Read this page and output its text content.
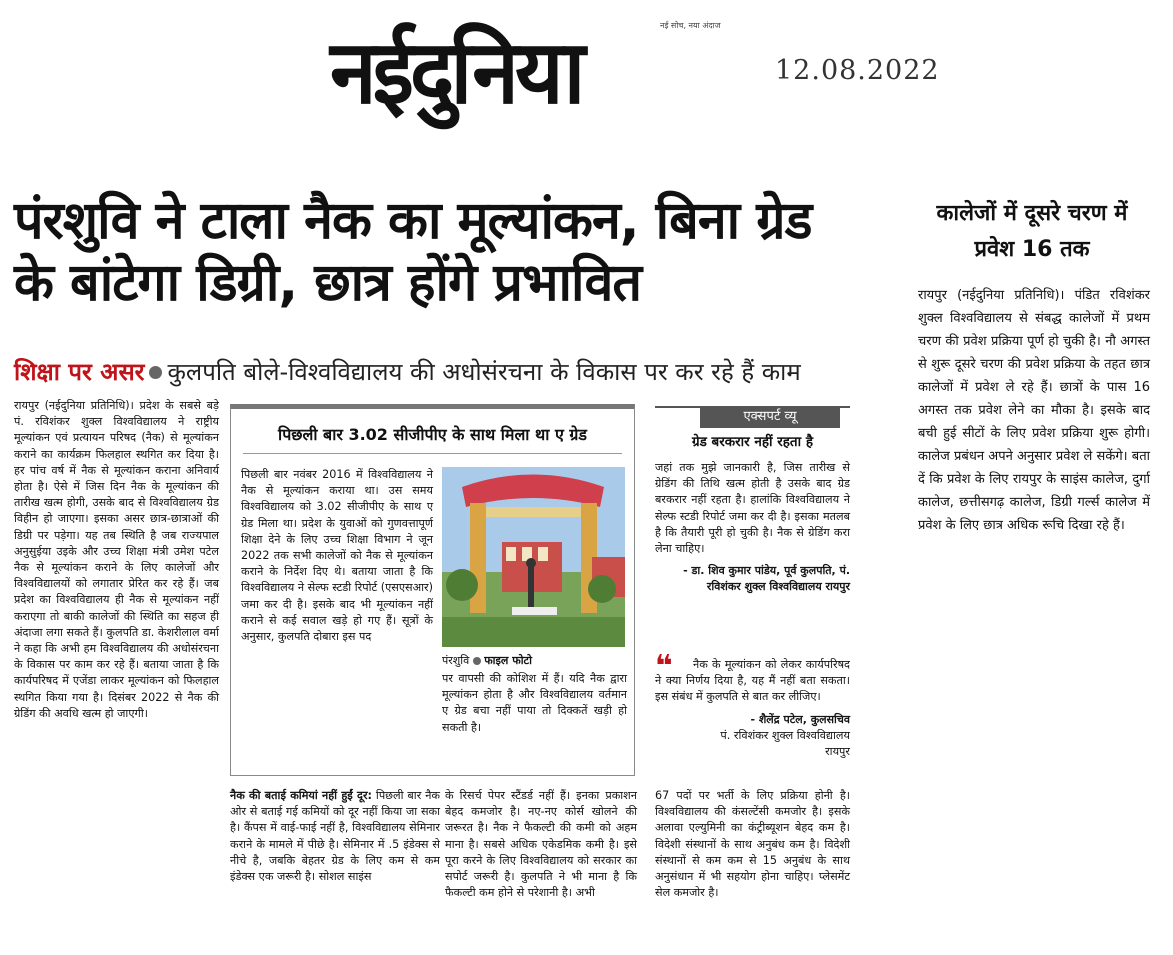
नईदुनिया	नई सोच, नया अंदाज
12.08.2022
पंरशुवि ने टाला नैक का मूल्यांकन, बिना ग्रेड के बांटेगा डिग्री, छात्र होंगे प्रभावित
शिक्षा पर असर कुलपति बोले-विश्वविद्यालय की अधोसंरचना के विकास पर कर रहे हैं काम
रायपुर (नईदुनिया प्रतिनिधि)। प्रदेश के सबसे बड़े पं. रविशंकर शुक्ल विश्वविद्यालय ने राष्ट्रीय मूल्यांकन एवं प्रत्यायन परिषद (नैक) से मूल्यांकन कराने का कार्यक्रम फिलहाल स्थगित कर दिया है। हर पांच वर्ष में नैक से मूल्यांकन कराना अनिवार्य होता है। ऐसे में जिस दिन नैक के मूल्यांकन की तारीख खत्म होगी, उसके बाद से विश्वविद्यालय ग्रेड विहीन हो जाएगा। इसका असर छात्र-छात्राओं की डिग्री पर पड़ेगा। यह तब स्थिति है जब राज्यपाल अनुसुईया उइके और उच्च शिक्षा मंत्री उमेश पटेल नैक से मूल्यांकन कराने के लिए कालेजों और विश्वविद्यालयों को लगातार प्रेरित कर रहे हैं। जब प्रदेश का विश्वविद्यालय ही नैक से मूल्यांकन नहीं कराएगा तो बाकी कालेजों की स्थिति का सहज ही अंदाजा लगा सकते हैं। कुलपति डा. केशरीलाल वर्मा ने कहा कि अभी हम विश्वविद्यालय की अधोसंरचना के विकास पर काम कर रहे हैं। बताया जाता है कि कार्यपरिषद में एजेंडा लाकर मूल्यांकन को फिलहाल स्थगित किया गया है। दिसंबर 2022 से नैक की ग्रेडिंग की अवधि खत्म हो जाएगी।
पिछली बार 3.02 सीजीपीए के साथ मिला था ए ग्रेड
पिछली बार नवंबर 2016 में विश्वविद्यालय ने नैक से मूल्यांकन कराया था। उस समय विश्वविद्यालय को 3.02 सीजीपीए के साथ ए ग्रेड मिला था। प्रदेश के युवाओं को गुणवत्तापूर्ण शिक्षा देने के लिए उच्च शिक्षा विभाग ने जून 2022 तक सभी कालेजों को नैक से मूल्यांकन कराने के निर्देश दिए थे। बताया जाता है कि विश्वविद्यालय ने सेल्फ स्टडी रिपोर्ट (एसएसआर) जमा कर दी है। इसके बाद भी मूल्यांकन नहीं कराने से कई सवाल खड़े हो गए हैं। सूत्रों के अनुसार, कुलपति दोबारा इस पद
पंरशुवि फाइल फोटो
पर वापसी की कोशिश में हैं। यदि नैक द्वारा मूल्यांकन होता है और विश्वविद्यालय वर्तमान ए ग्रेड बचा नहीं पाया तो दिक्कतें खड़ी हो सकती है।
नैक की बताई कमियां नहीं हुईं दूर: पिछली बार नैक ओर से बताई गई कमियों को दूर नहीं किया जा सका है। कैंपस में वाई-फाई नहीं है, विश्वविद्यालय सेमिनार कराने के मामले में पीछे है। सेमिनार में .5 इंडेक्स से नीचे है, जबकि बेहतर ग्रेड के लिए कम से कम इंडेक्स एक जरूरी है। सोशल साइंस
के रिसर्च पेपर स्टैंडर्ड नहीं हैं। इनका प्रकाशन बेहद कमजोर है। नए-नए कोर्स खोलने की जरूरत है। नैक ने फैकल्टी की कमी को अहम माना है। सबसे अधिक एकेडमिक कमी है। इसे पूरा करने के लिए विश्वविद्यालय को सरकार का सपोर्ट जरूरी है। कुलपति ने भी माना है कि फैकल्टी कम होने से परेशानी है। अभी
एक्सपर्ट व्यू
ग्रेड बरकरार नहीं रहता है
जहां तक मुझे जानकारी है, जिस तारीख से ग्रेडिंग की तिथि खत्म होती है उसके बाद ग्रेड बरकरार नहीं रहता है। हालांकि विश्वविद्यालय ने सेल्फ स्टडी रिपोर्ट जमा कर दी है। इसका मतलब है कि तैयारी पूरी हो चुकी है। नैक से ग्रेडिंग करा लेना चाहिए।
- डा. शिव कुमार पांडेय, पूर्व कुलपति, पं. रविशंकर शुक्ल विश्वविद्यालय रायपुर
❝	नैक के मूल्यांकन को लेकर कार्यपरिषद ने क्या निर्णय दिया है, यह मैं नहीं बता सकता। इस संबंध में कुलपति से बात कर लीजिए।
- शैलेंद्र पटेल, कुलसचिव
पं. रविशंकर शुक्ल विश्वविद्यालय रायपुर
67 पदों पर भर्ती के लिए प्रक्रिया होनी है। विश्वविद्यालय की कंसल्टेंसी कमजोर है। इसके अलावा एल्युमिनी का कंट्रीब्यूशन बेहद कम है। विदेशी संस्थानों के साथ अनुबंध कम है। विदेशी संस्थानों से कम कम से 15 अनुबंध के साथ अनुसंधान में भी सहयोग होना चाहिए। प्लेसमेंट सेल कमजोर है।
कालेजों में दूसरे चरण में प्रवेश 16 तक
रायपुर (नईदुनिया प्रतिनिधि)। पंडित रविशंकर शुक्ल विश्वविद्यालय से संबद्ध कालेजों में प्रथम चरण की प्रवेश प्रक्रिया पूर्ण हो चुकी है। नौ अगस्त से शुरू दूसरे चरण की प्रवेश प्रक्रिया के तहत छात्र कालेजों में प्रवेश ले रहे हैं। छात्रों के पास 16 अगस्त तक प्रवेश लेने का मौका है। इसके बाद बची हुई सीटों के लिए प्रवेश प्रक्रिया शुरू होगी। कालेज प्रबंधन अपने अनुसार प्रवेश ले सकेंगे। बता दें कि प्रवेश के लिए रायपुर के साइंस कालेज, दुर्गा कालेज, छत्तीसगढ़ कालेज, डिग्री गर्ल्स कालेज में प्रवेश के लिए छात्र अधिक रूचि दिखा रहे हैं।
